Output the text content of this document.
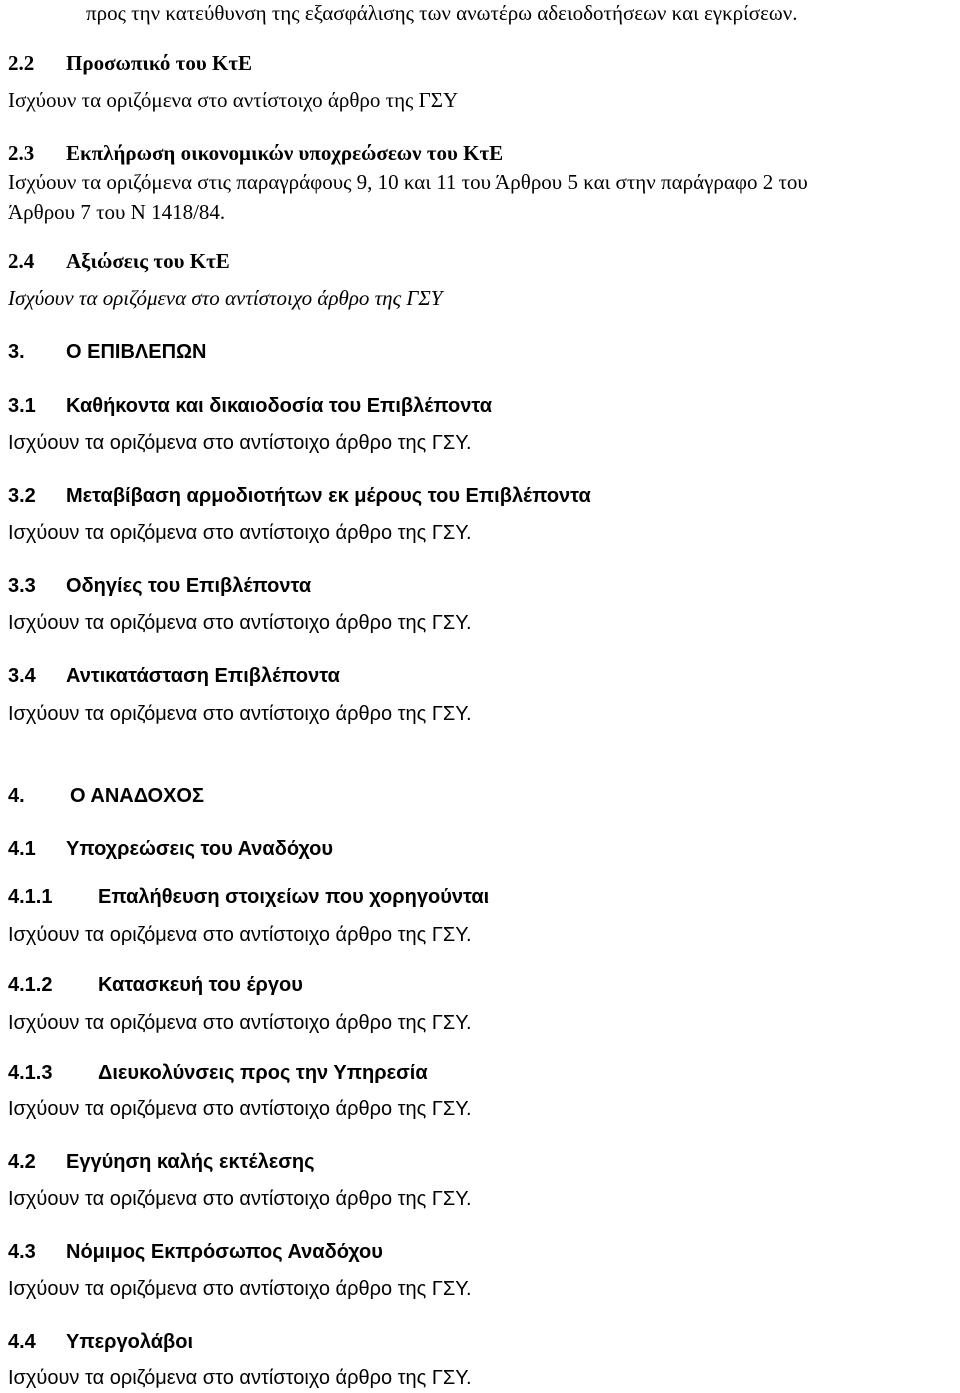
προς την κατεύθυνση της εξασφάλισης των ανωτέρω αδειοδοτήσεων και εγκρίσεων.
2.2 Προσωπικό του ΚτΕ
Ισχύουν τα οριζόμενα στο αντίστοιχο άρθρο της ΓΣΥ
2.3 Εκπλήρωση οικονομικών υποχρεώσεων του ΚτΕ
Ισχύουν τα οριζόμενα στις παραγράφους 9, 10 και 11 του Άρθρου 5 και στην παράγραφο 2 του
Άρθρου 7 του Ν 1418/84.
2.4 Αξιώσεις του ΚτΕ
Ισχύουν τα οριζόμενα στο αντίστοιχο άρθρο της ΓΣΥ
3. Ο ΕΠΙΒΛΕΠΩΝ
3.1 Καθήκοντα και δικαιοδοσία του Επιβλέποντα
Ισχύουν τα οριζόμενα στο αντίστοιχο άρθρο της ΓΣΥ.
3.2 Μεταβίβαση αρμοδιοτήτων εκ μέρους του Επιβλέποντα
Ισχύουν τα οριζόμενα στο αντίστοιχο άρθρο της ΓΣΥ.
3.3 Οδηγίες του Επιβλέποντα
Ισχύουν τα οριζόμενα στο αντίστοιχο άρθρο της ΓΣΥ.
3.4 Αντικατάσταση Επιβλέποντα
Ισχύουν τα οριζόμενα στο αντίστοιχο άρθρο της ΓΣΥ.
4. Ο ΑΝΑΔΟΧΟΣ
4.1 Υποχρεώσεις του Αναδόχου
4.1.1 Επαλήθευση στοιχείων που χορηγούνται
Ισχύουν τα οριζόμενα στο αντίστοιχο άρθρο της ΓΣΥ.
4.1.2 Κατασκευή του έργου
Ισχύουν τα οριζόμενα στο αντίστοιχο άρθρο της ΓΣΥ.
4.1.3 Διευκολύνσεις προς την Υπηρεσία
Ισχύουν τα οριζόμενα στο αντίστοιχο άρθρο της ΓΣΥ.
4.2 Εγγύηση καλής εκτέλεσης
Ισχύουν τα οριζόμενα στο αντίστοιχο άρθρο της ΓΣΥ.
4.3 Νόμιμος Εκπρόσωπος Αναδόχου
Ισχύουν τα οριζόμενα στο αντίστοιχο άρθρο της ΓΣΥ.
4.4 Υπεργολάβοι
Ισχύουν τα οριζόμενα στο αντίστοιχο άρθρο της ΓΣΥ.
